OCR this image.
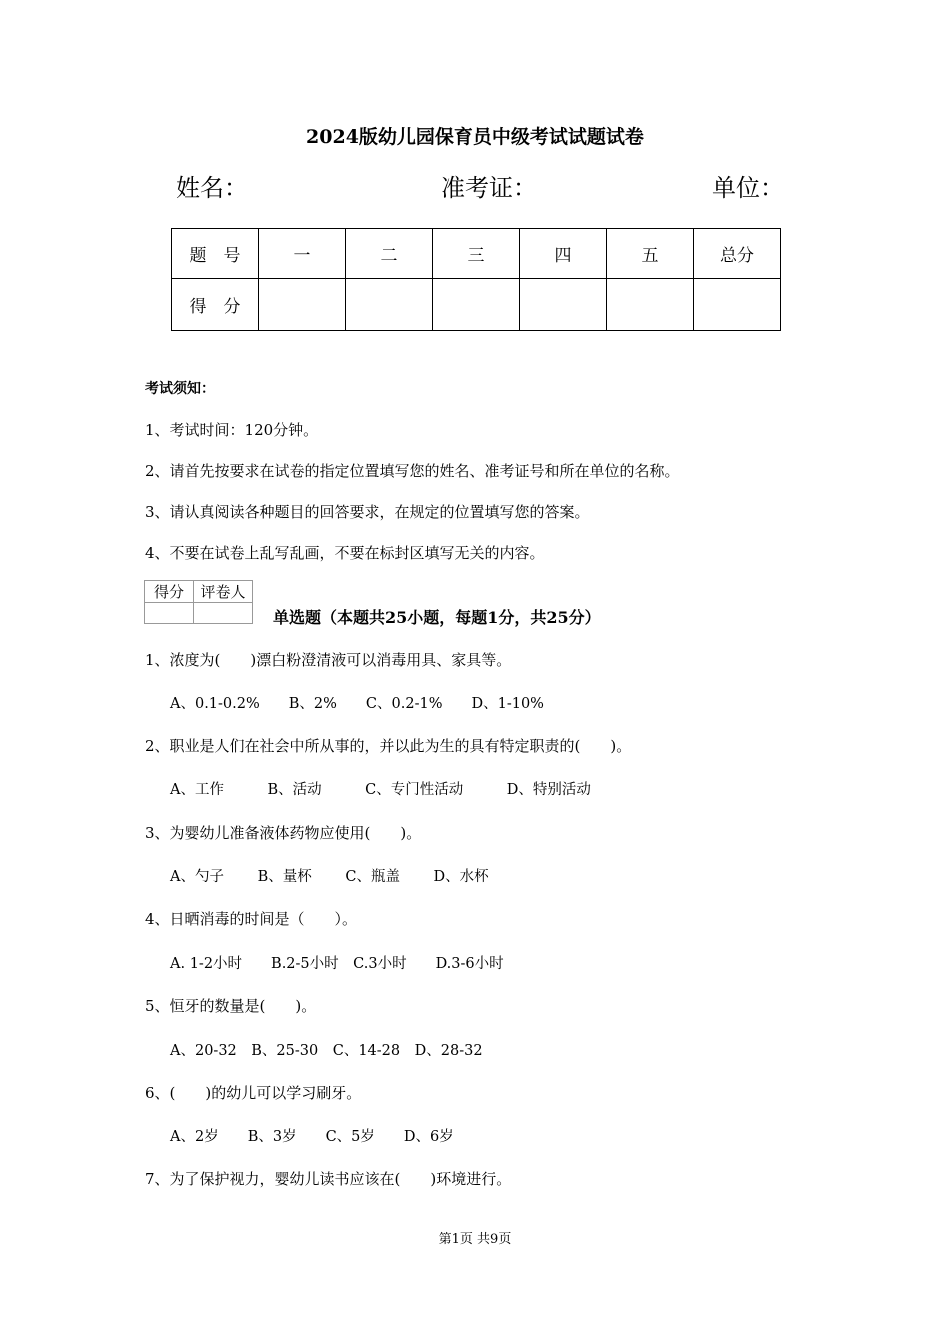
2024版幼儿园保育员中级考试试题试卷
姓名：	准考证：	单位：
题　号	一	二	三	四	五	总分
得　分						
考试须知：
1、考试时间：120分钟。
2、请首先按要求在试卷的指定位置填写您的姓名、准考证号和所在单位的名称。
3、请认真阅读各种题目的回答要求，在规定的位置填写您的答案。
4、不要在试卷上乱写乱画，不要在标封区填写无关的内容。
得分	评卷人

单选题（本题共25小题，每题1分，共25分）
1、浓度为(　　)漂白粉澄清液可以消毒用具、家具等。
A、0.1-0.2%　　B、2%　　C、0.2-1%　　D、1-10%
2、职业是人们在社会中所从事的，并以此为生的具有特定职责的(　　)。
A、工作　　　B、活动　　　C、专门性活动　　　D、特别活动
3、为婴幼儿准备液体药物应使用(　　)。
A、勺子　　 B、量杯　　 C、瓶盖　　 D、水杯
4、日晒消毒的时间是（　　）。
A. 1-2小时　　B.2-5小时　C.3小时　　D.3-6小时
5、恒牙的数量是(　　)。
A、20-32　B、25-30　C、14-28　D、28-32
6、(　　)的幼儿可以学习刷牙。
A、2岁　　B、3岁　　C、5岁　　D、6岁
7、为了保护视力，婴幼儿读书应该在(　　)环境进行。
第1页 共9页
